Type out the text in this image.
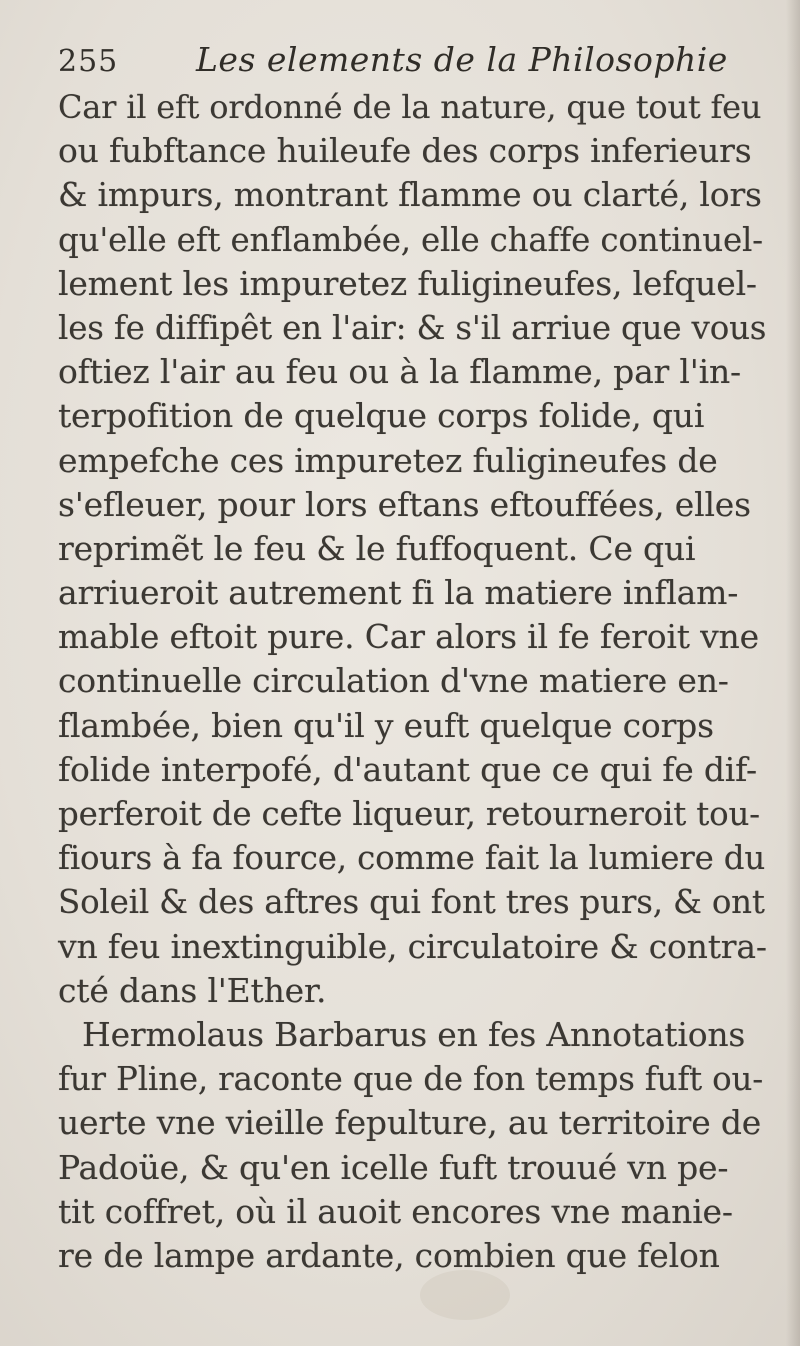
255 Les elements de la Philosophie
Car il eft ordonné de la nature, que tout feu
ou fubftance huileufe des corps inferieurs
& impurs, montrant flamme ou clarté, lors
qu'elle eft enflambée, elle chaffe continuel-
lement les impuretez fuligineufes, lefquel-
les fe diffipêt en l'air: & s'il arriue que vous
oftiez l'air au feu ou à la flamme, par l'in-
terpofition de quelque corps folide, qui
empefche ces impuretez fuligineufes de
s'efleuer, pour lors eftans eftouffées, elles
reprimẽt le feu & le fuffoquent. Ce qui
arriueroit autrement fi la matiere inflam-
mable eftoit pure. Car alors il fe feroit vne
continuelle circulation d'vne matiere en-
flambée, bien qu'il y euft quelque corps
folide interpofé, d'autant que ce qui fe dif-
perferoit de cefte liqueur, retourneroit tou-
fiours à fa fource, comme fait la lumiere du
Soleil & des aftres qui font tres purs, & ont
vn feu inextinguible, circulatoire & contra-
cté dans l'Ether.
Hermolaus Barbarus en fes Annotations
fur Pline, raconte que de fon temps fuft ou-
uerte vne vieille fepulture, au territoire de
Padoüe, & qu'en icelle fuft trouué vn pe-
tit coffret, où il auoit encores vne manie-
re de lampe ardante, combien que felon
